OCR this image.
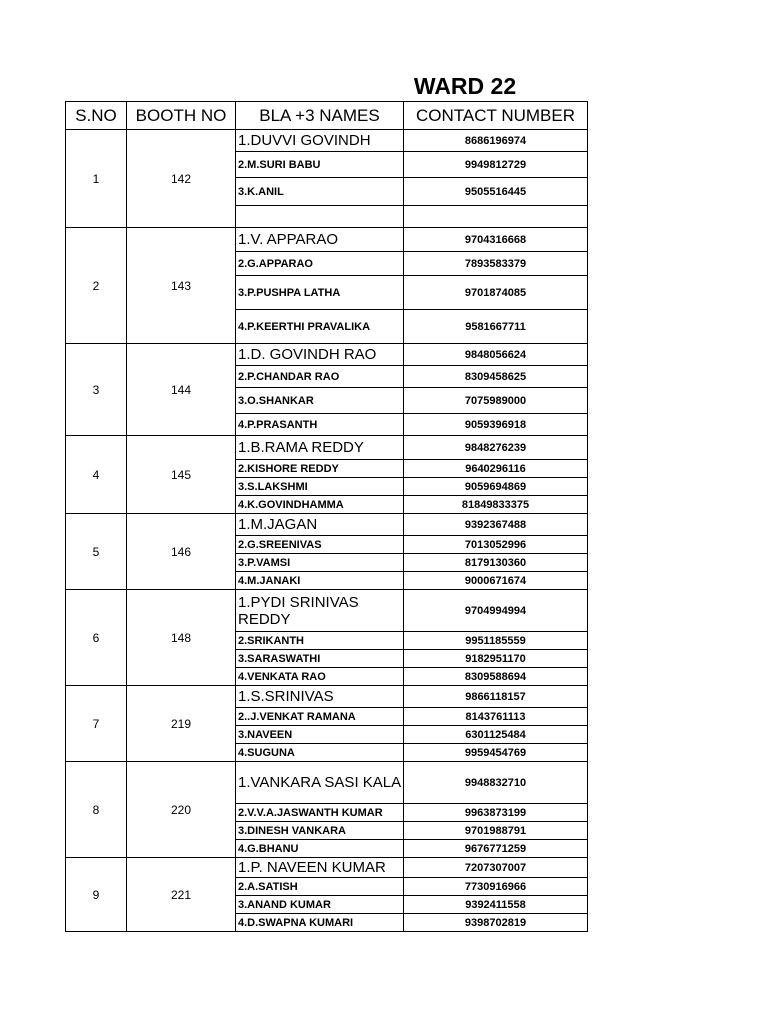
WARD 22
S.NO	BOOTH NO	BLA +3 NAMES	CONTACT NUMBER
1	142	1.DUVVI GOVINDH	8686196974
		2.M.SURI BABU	9949812729
		3.K.ANIL	9505516445

2	143	1.V. APPARAO	9704316668
		2.G.APPARAO	7893583379
		3.P.PUSHPA LATHA	9701874085
		4.P.KEERTHI PRAVALIKA	9581667711
3	144	1.D. GOVINDH RAO	9848056624
		2.P.CHANDAR RAO	8309458625
		3.O.SHANKAR	7075989000
		4.P.PRASANTH	9059396918
4	145	1.B.RAMA REDDY	9848276239
		2.KISHORE REDDY	9640296116
		3.S.LAKSHMI	9059694869
		4.K.GOVINDHAMMA	81849833375
5	146	1.M.JAGAN	9392367488
		2.G.SREENIVAS	7013052996
		3.P.VAMSI	8179130360
		4.M.JANAKI	9000671674
6	148	1.PYDI SRINIVAS REDDY	9704994994
		2.SRIKANTH	9951185559
		3.SARASWATHI	9182951170
		4.VENKATA RAO	8309588694
7	219	1.S.SRINIVAS	9866118157
		2..J.VENKAT RAMANA	8143761113
		3.NAVEEN	6301125484
		4.SUGUNA	9959454769
8	220	1.VANKARA SASI KALA	9948832710
		2.V.V.A.JASWANTH KUMAR	9963873199
		3.DINESH VANKARA	9701988791
		4.G.BHANU	9676771259
9	221	1.P. NAVEEN KUMAR	7207307007
		2.A.SATISH	7730916966
		3.ANAND KUMAR	9392411558
		4.D.SWAPNA KUMARI	9398702819
